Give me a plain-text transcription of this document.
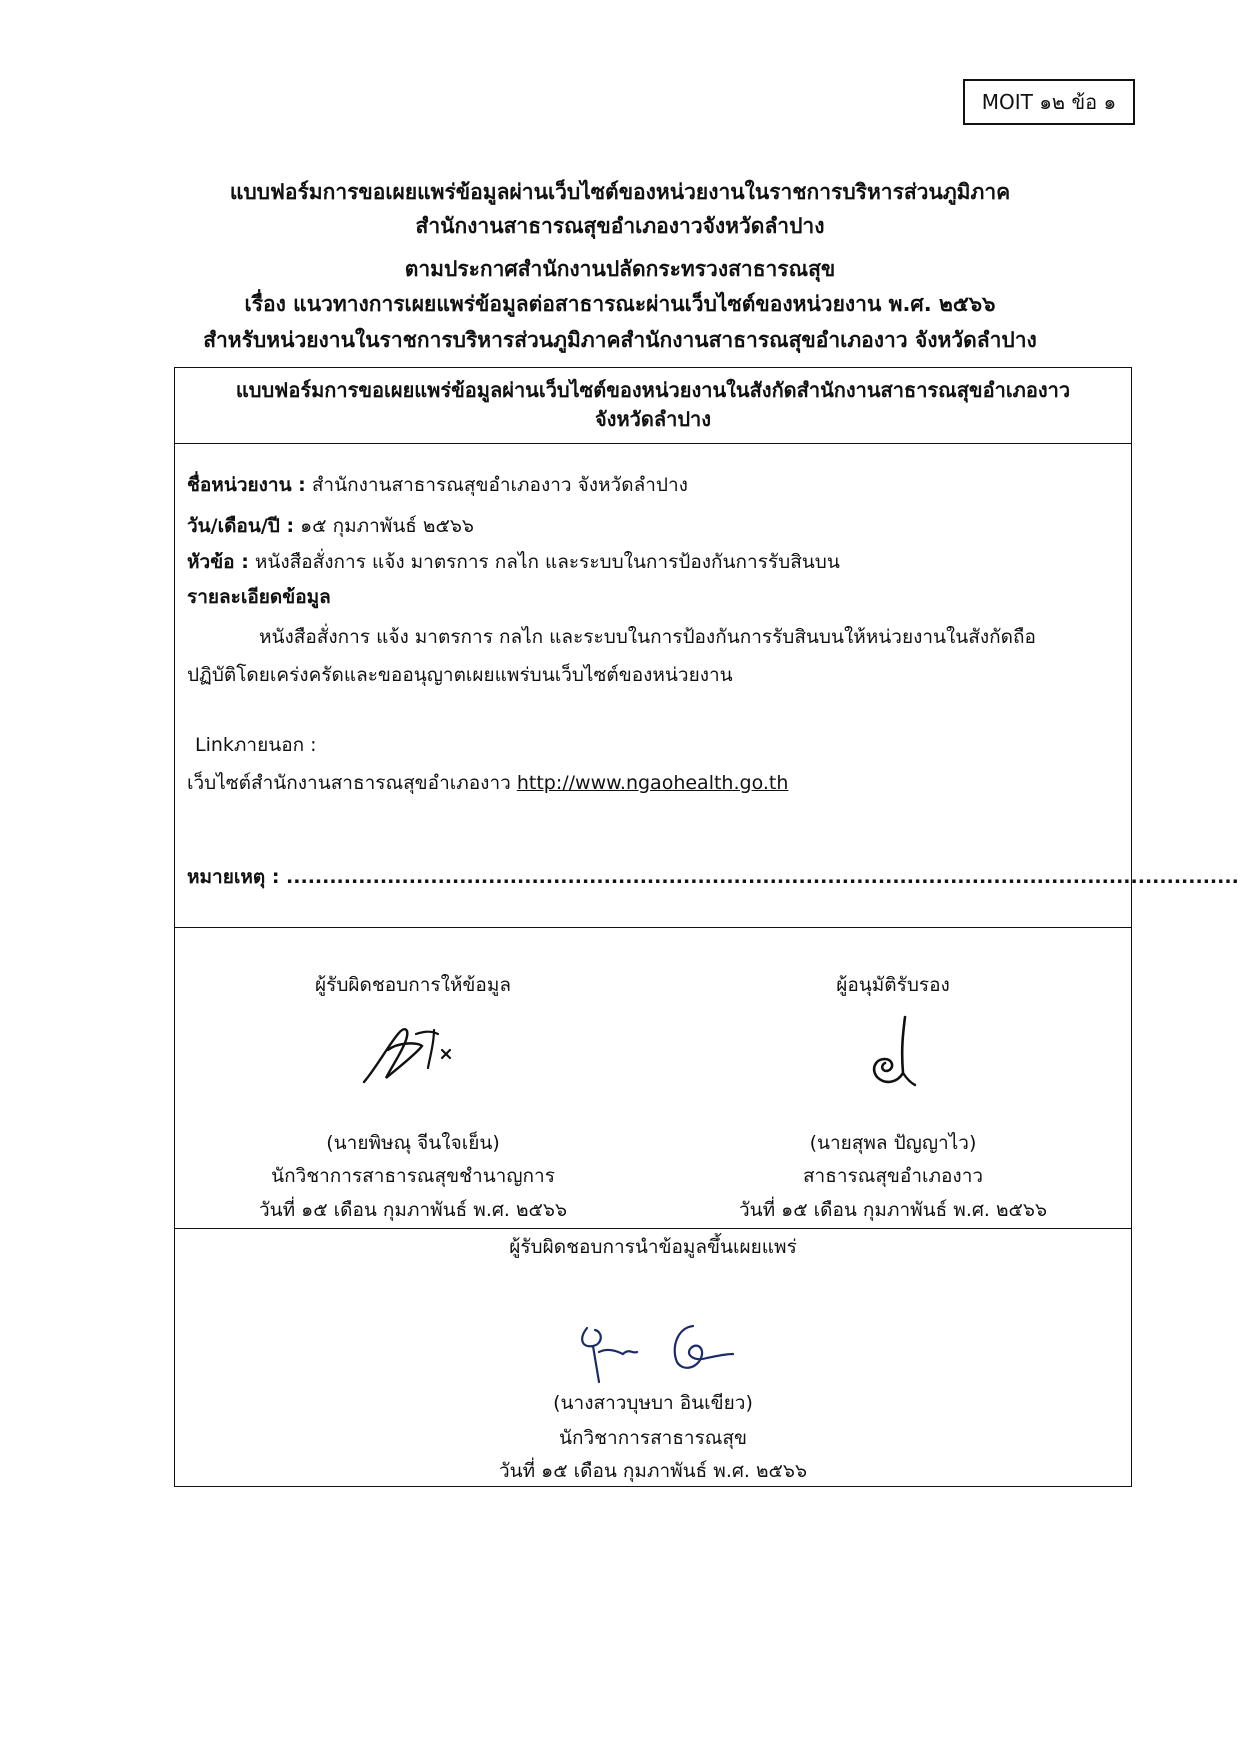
MOIT ๑๒ ข้อ ๑
แบบฟอร์มการขอเผยแพร่ข้อมูลผ่านเว็บไซต์ของหน่วยงานในราชการบริหารส่วนภูมิภาค
สำนักงานสาธารณสุขอำเภองาวจังหวัดลำปาง
ตามประกาศสำนักงานปลัดกระทรวงสาธารณสุข
เรื่อง แนวทางการเผยแพร่ข้อมูลต่อสาธารณะผ่านเว็บไซต์ของหน่วยงาน พ.ศ. ๒๕๖๖
สำหรับหน่วยงานในราชการบริหารส่วนภูมิภาคสำนักงานสาธารณสุขอำเภองาว จังหวัดลำปาง
แบบฟอร์มการขอเผยแพร่ข้อมูลผ่านเว็บไซต์ของหน่วยงานในสังกัดสำนักงานสาธารณสุขอำเภองาว
จังหวัดลำปาง
ชื่อหน่วยงาน : สำนักงานสาธารณสุขอำเภองาว จังหวัดลำปาง
วัน/เดือน/ปี : ๑๕ กุมภาพันธ์ ๒๕๖๖
หัวข้อ : หนังสือสั่งการ แจ้ง มาตรการ กลไก และระบบในการป้องกันการรับสินบน
รายละเอียดข้อมูล
หนังสือสั่งการ แจ้ง มาตรการ กลไก และระบบในการป้องกันการรับสินบนให้หน่วยงานในสังกัดถือ
ปฏิบัติโดยเคร่งครัดและขออนุญาตเผยแพร่บนเว็บไซต์ของหน่วยงาน
Linkภายนอก :
เว็บไซต์สำนักงานสาธารณสุขอำเภองาว http://www.ngaohealth.go.th
หมายเหตุ : ....................................................................................................................................
ผู้รับผิดชอบการให้ข้อมูล
(นายพิษณุ จีนใจเย็น)
นักวิชาการสาธารณสุขชำนาญการ
วันที่ ๑๕ เดือน กุมภาพันธ์ พ.ศ. ๒๕๖๖
ผู้อนุมัติรับรอง
(นายสุพล ปัญญาไว)
สาธารณสุขอำเภองาว
วันที่ ๑๕ เดือน กุมภาพันธ์ พ.ศ. ๒๕๖๖
ผู้รับผิดชอบการนำข้อมูลขึ้นเผยแพร่
(นางสาวบุษบา อินเขียว)
นักวิชาการสาธารณสุข
วันที่ ๑๕ เดือน กุมภาพันธ์ พ.ศ. ๒๕๖๖
